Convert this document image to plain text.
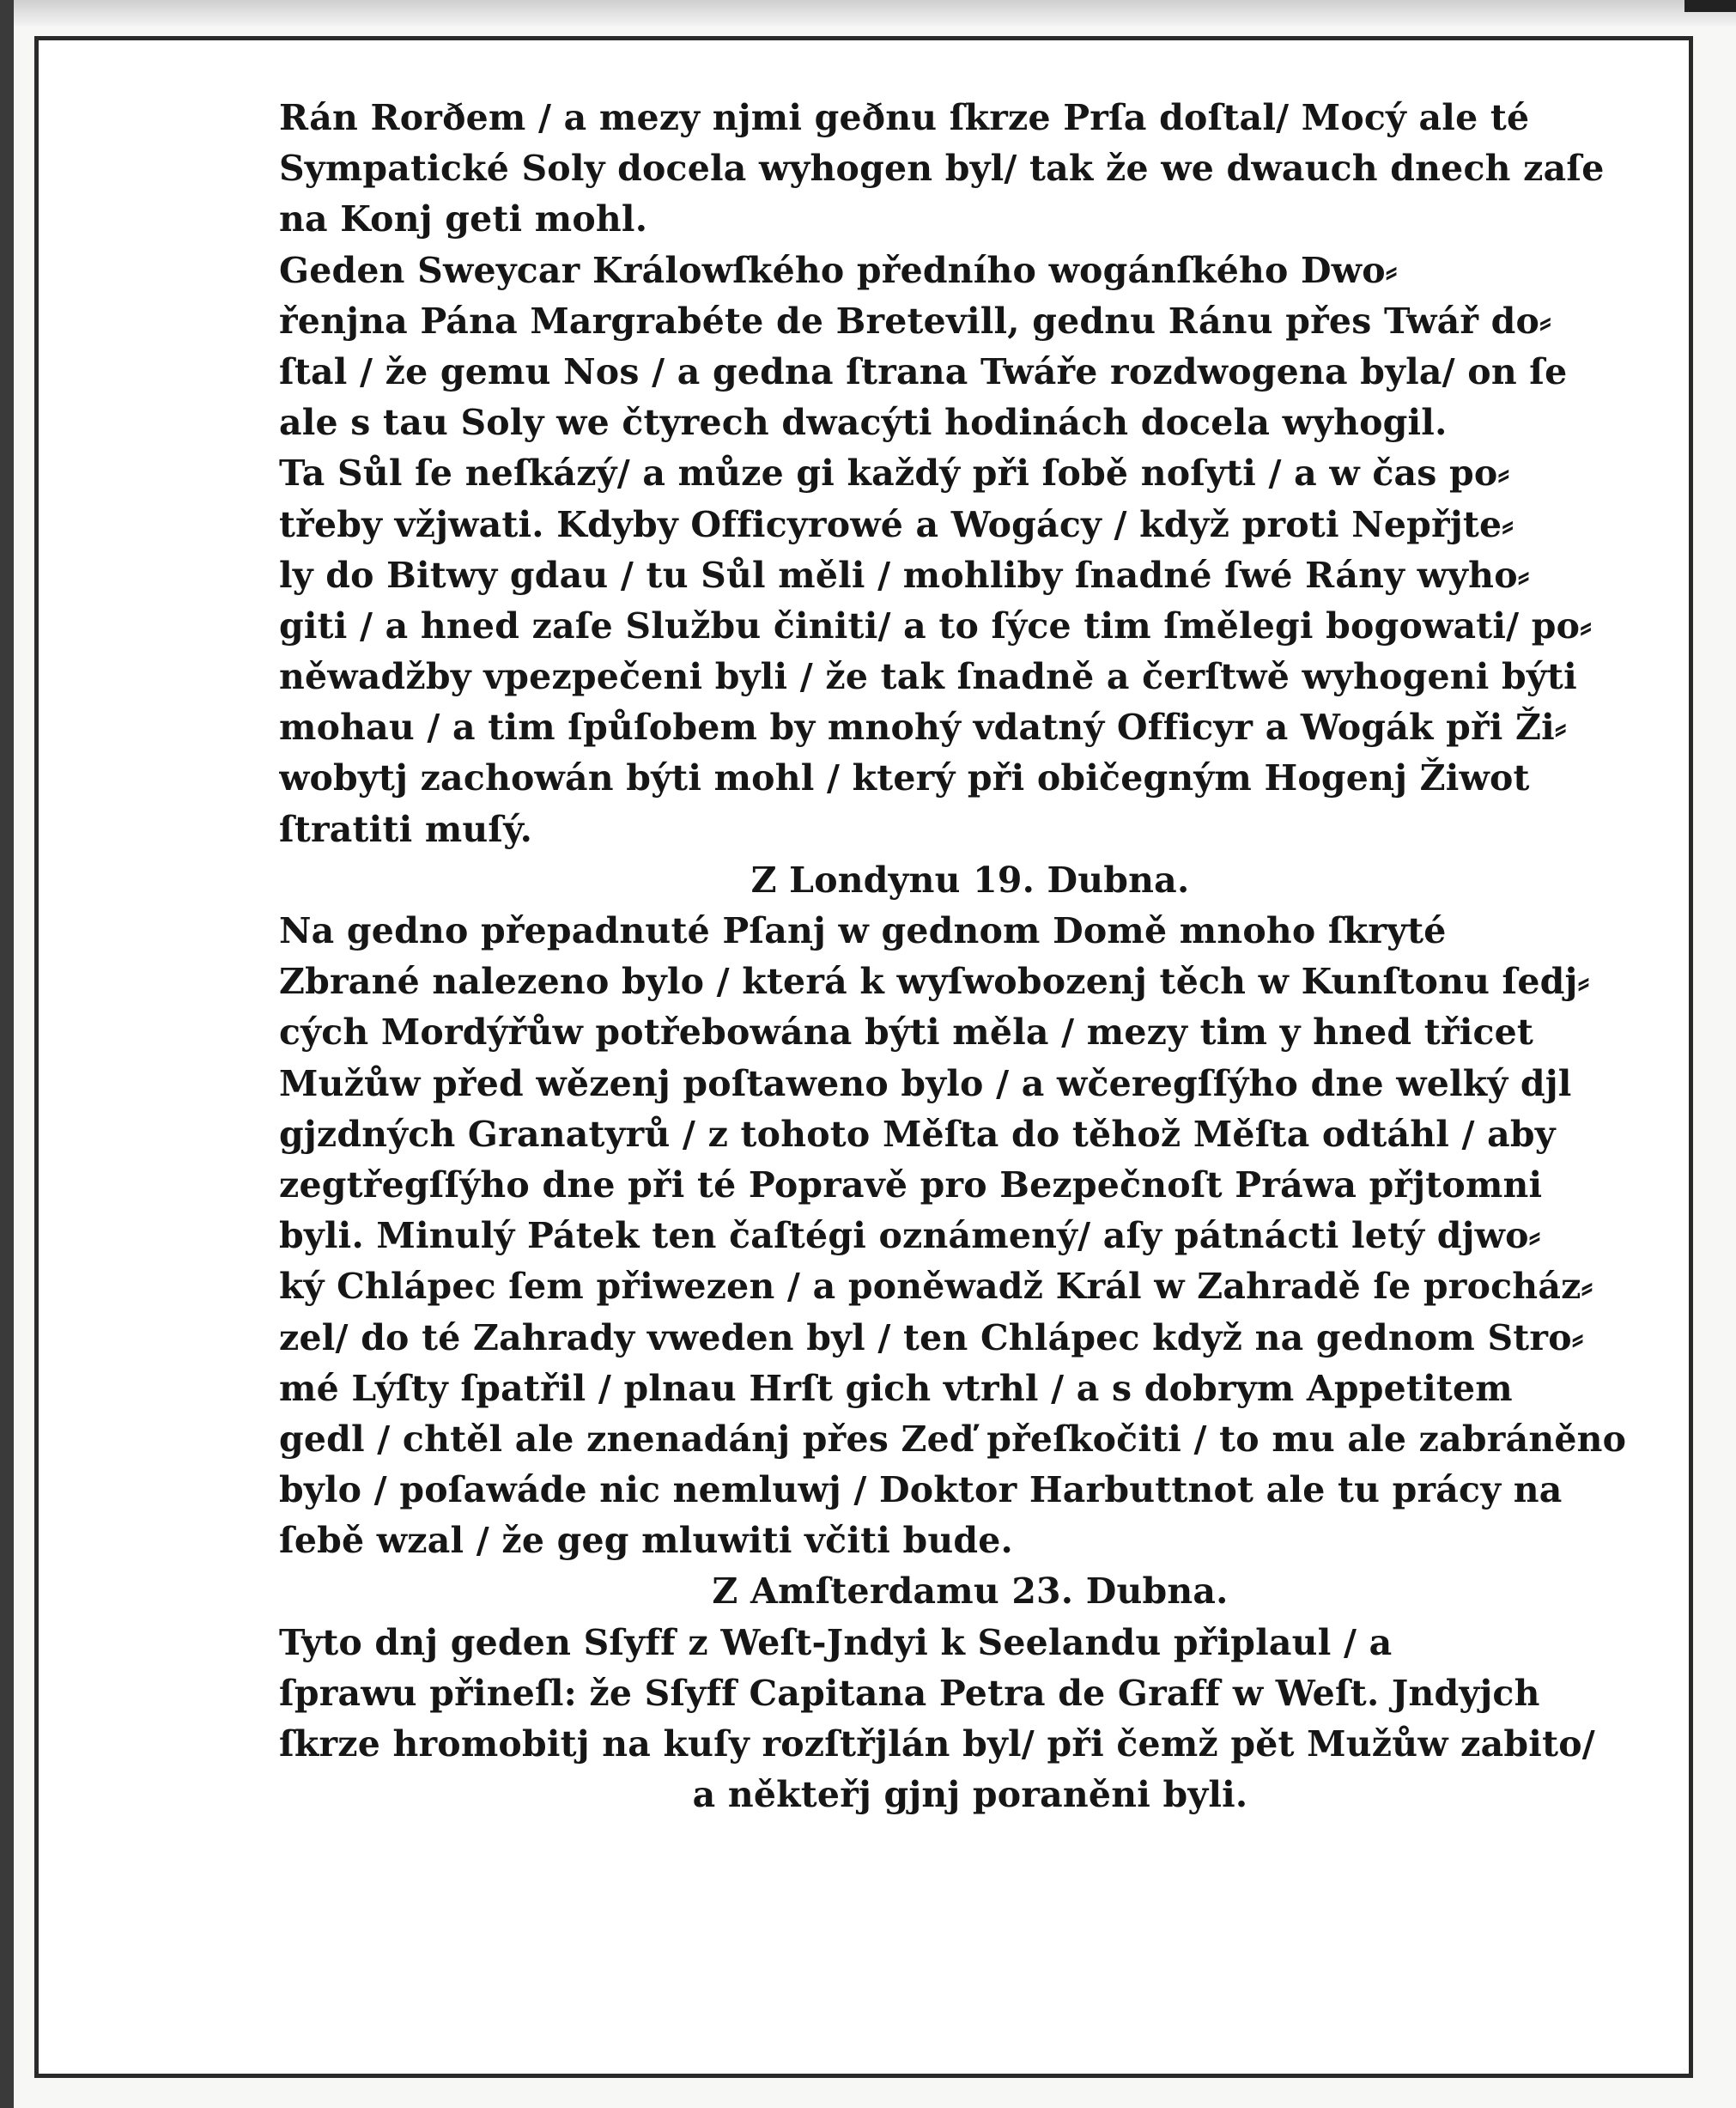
Rán Rorðem / a mezy njmi geðnu ſkrze Prſa doſtal/ Mocý ale té
Sympatické Soly docela wyhogen byl/ tak že we dwauch dnech zaſe
na Konj geti mohl.
Geden Sweycar Králowſkého předního wogánſkého Dwo⸗
řenjna Pána Margrabéte de Bretevill, gednu Ránu přes Twář do⸗
ſtal / že gemu Nos / a gedna ſtrana Twáře rozdwogena byla/ on ſe
ale s tau Soly we čtyrech dwacýti hodinách docela wyhogil.
Ta Sůl ſe neſkázý/ a můze gi každý při ſobě noſyti / a w čas po⸗
třeby vžjwati. Kdyby Officyrowé a Wogácy / když proti Nepřjte⸗
ly do Bitwy gdau / tu Sůl měli / mohliby ſnadné ſwé Rány wyho⸗
giti / a hned zaſe Službu činiti/ a to ſýce tim ſmělegi bogowati/ po⸗
něwadžby vpezpečeni byli / že tak ſnadně a čerſtwě wyhogeni býti
mohau / a tim ſpůſobem by mnohý vdatný Officyr a Wogák při Ži⸗
wobytj zachowán býti mohl / který při običegným Hogenj Žiwot
ſtratiti muſý.
Z Londynu 19. Dubna.
Na gedno přepadnuté Pſanj w gednom Domě mnoho ſkryté
Zbrané nalezeno bylo / která k wyſwobozenj těch w Kunſtonu ſedj⸗
cých Mordýřůw potřebowána býti měla / mezy tim y hned třicet
Mužůw před wězenj poſtaweno bylo / a wčeregſſýho dne welký djl
gjzdných Granatyrů / z tohoto Měſta do těhož Měſta odtáhl / aby
zegtřegſſýho dne při té Popravě pro Bezpečnoſt Práwa přjtomni
byli. Minulý Pátek ten čaſtégi oznámený/ aſy pátnácti letý djwo⸗
ký Chlápec ſem přiwezen / a poněwadž Král w Zahradě ſe procház⸗
zel/ do té Zahrady vweden byl / ten Chlápec když na gednom Stro⸗
mé Lýſty ſpatřil / plnau Hrſt gich vtrhl / a s dobrym Appetitem
gedl / chtěl ale znenadánj přes Zeď přeſkočiti / to mu ale zabráněno
bylo / poſawáde nic nemluwj / Doktor Harbuttnot ale tu prácy na
ſebě wzal / že geg mluwiti včiti bude.
Z Amſterdamu 23. Dubna.
Tyto dnj geden Sſyff z Weſt-Jndyi k Seelandu připlaul / a
ſprawu přineſl: že Sſyff Capitana Petra de Graff w Weſt. Jndyjch
ſkrze hromobitj na kuſy rozſtřjlán byl/ při čemž pět Mužůw zabito/
a někteřj gjnj poraněni byli.
